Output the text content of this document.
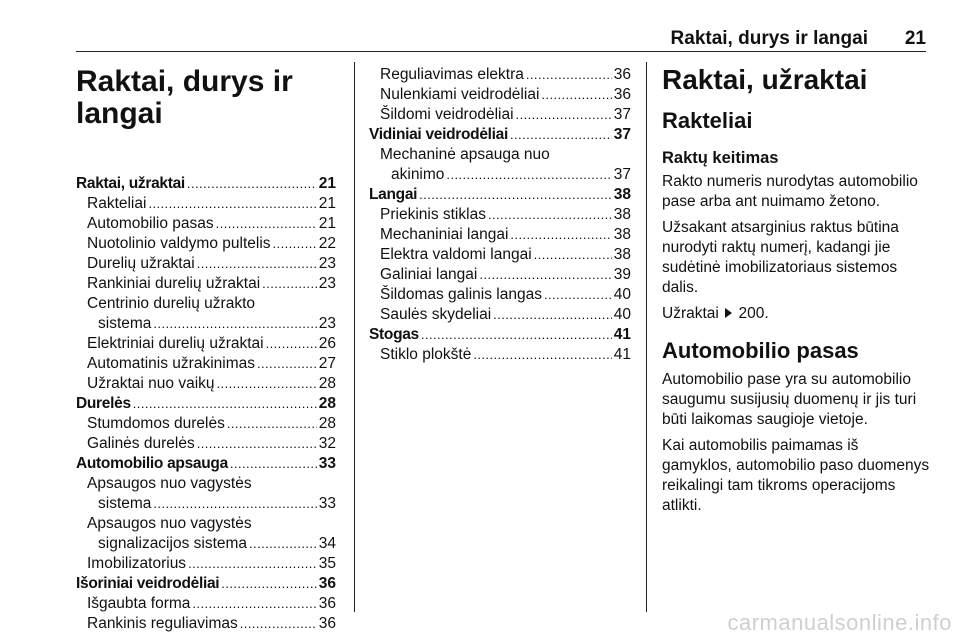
Raktai, durys ir langai 21
Raktai, durys ir
langai
Raktai, užraktai . . .	21
Rakteliai . . .	21
Automobilio pasas . . .	21
Nuotolinio valdymo pultelis . . .	22
Durelių užraktai . . .	23
Rankiniai durelių užraktai . . .	23
Centrinio durelių užrakto
sistema . . .	23
Elektriniai durelių užraktai . . .	26
Automatinis užrakinimas . . .	27
Užraktai nuo vaikų . . .	28
Durelės . . .	28
Stumdomos durelės . . .	28
Galinės durelės . . .	32
Automobilio apsauga . . .	33
Apsaugos nuo vagystės
sistema . . .	33
Apsaugos nuo vagystės
signalizacijos sistema . . .	34
Imobilizatorius . . .	35
Išoriniai veidrodėliai . . .	36
Išgaubta forma . . .	36
Rankinis reguliavimas . . .	36
Reguliavimas elektra . . .	36
Nulenkiami veidrodėliai . . .	36
Šildomi veidrodėliai . . .	37
Vidiniai veidrodėliai . . .	37
Mechaninė apsauga nuo
akinimo . . .	37
Langai . . .	38
Priekinis stiklas . . .	38
Mechaniniai langai . . .	38
Elektra valdomi langai . . .	38
Galiniai langai . . .	39
Šildomas galinis langas . . .	40
Saulės skydeliai . . .	40
Stogas . . .	41
Stiklo plokštė . . .	41
Raktai, užraktai
Rakteliai
Raktų keitimas

Rakto numeris nurodytas automobilio pase arba ant nuimamo žetono.

Užsakant atsarginius raktus būtina nurodyti raktų numerį, kadangi jie sudėtinė imobilizatoriaus sistemos dalis.

Užraktai 200.

Automobilio pasas

Automobilio pase yra su automobilio saugumu susijusių duomenų ir jis turi būti laikomas saugioje vietoje.

Kai automobilis paimamas iš gamyklos, automobilio paso duomenys reikalingi tam tikroms operacijoms atlikti.

carmanualsonline.info
